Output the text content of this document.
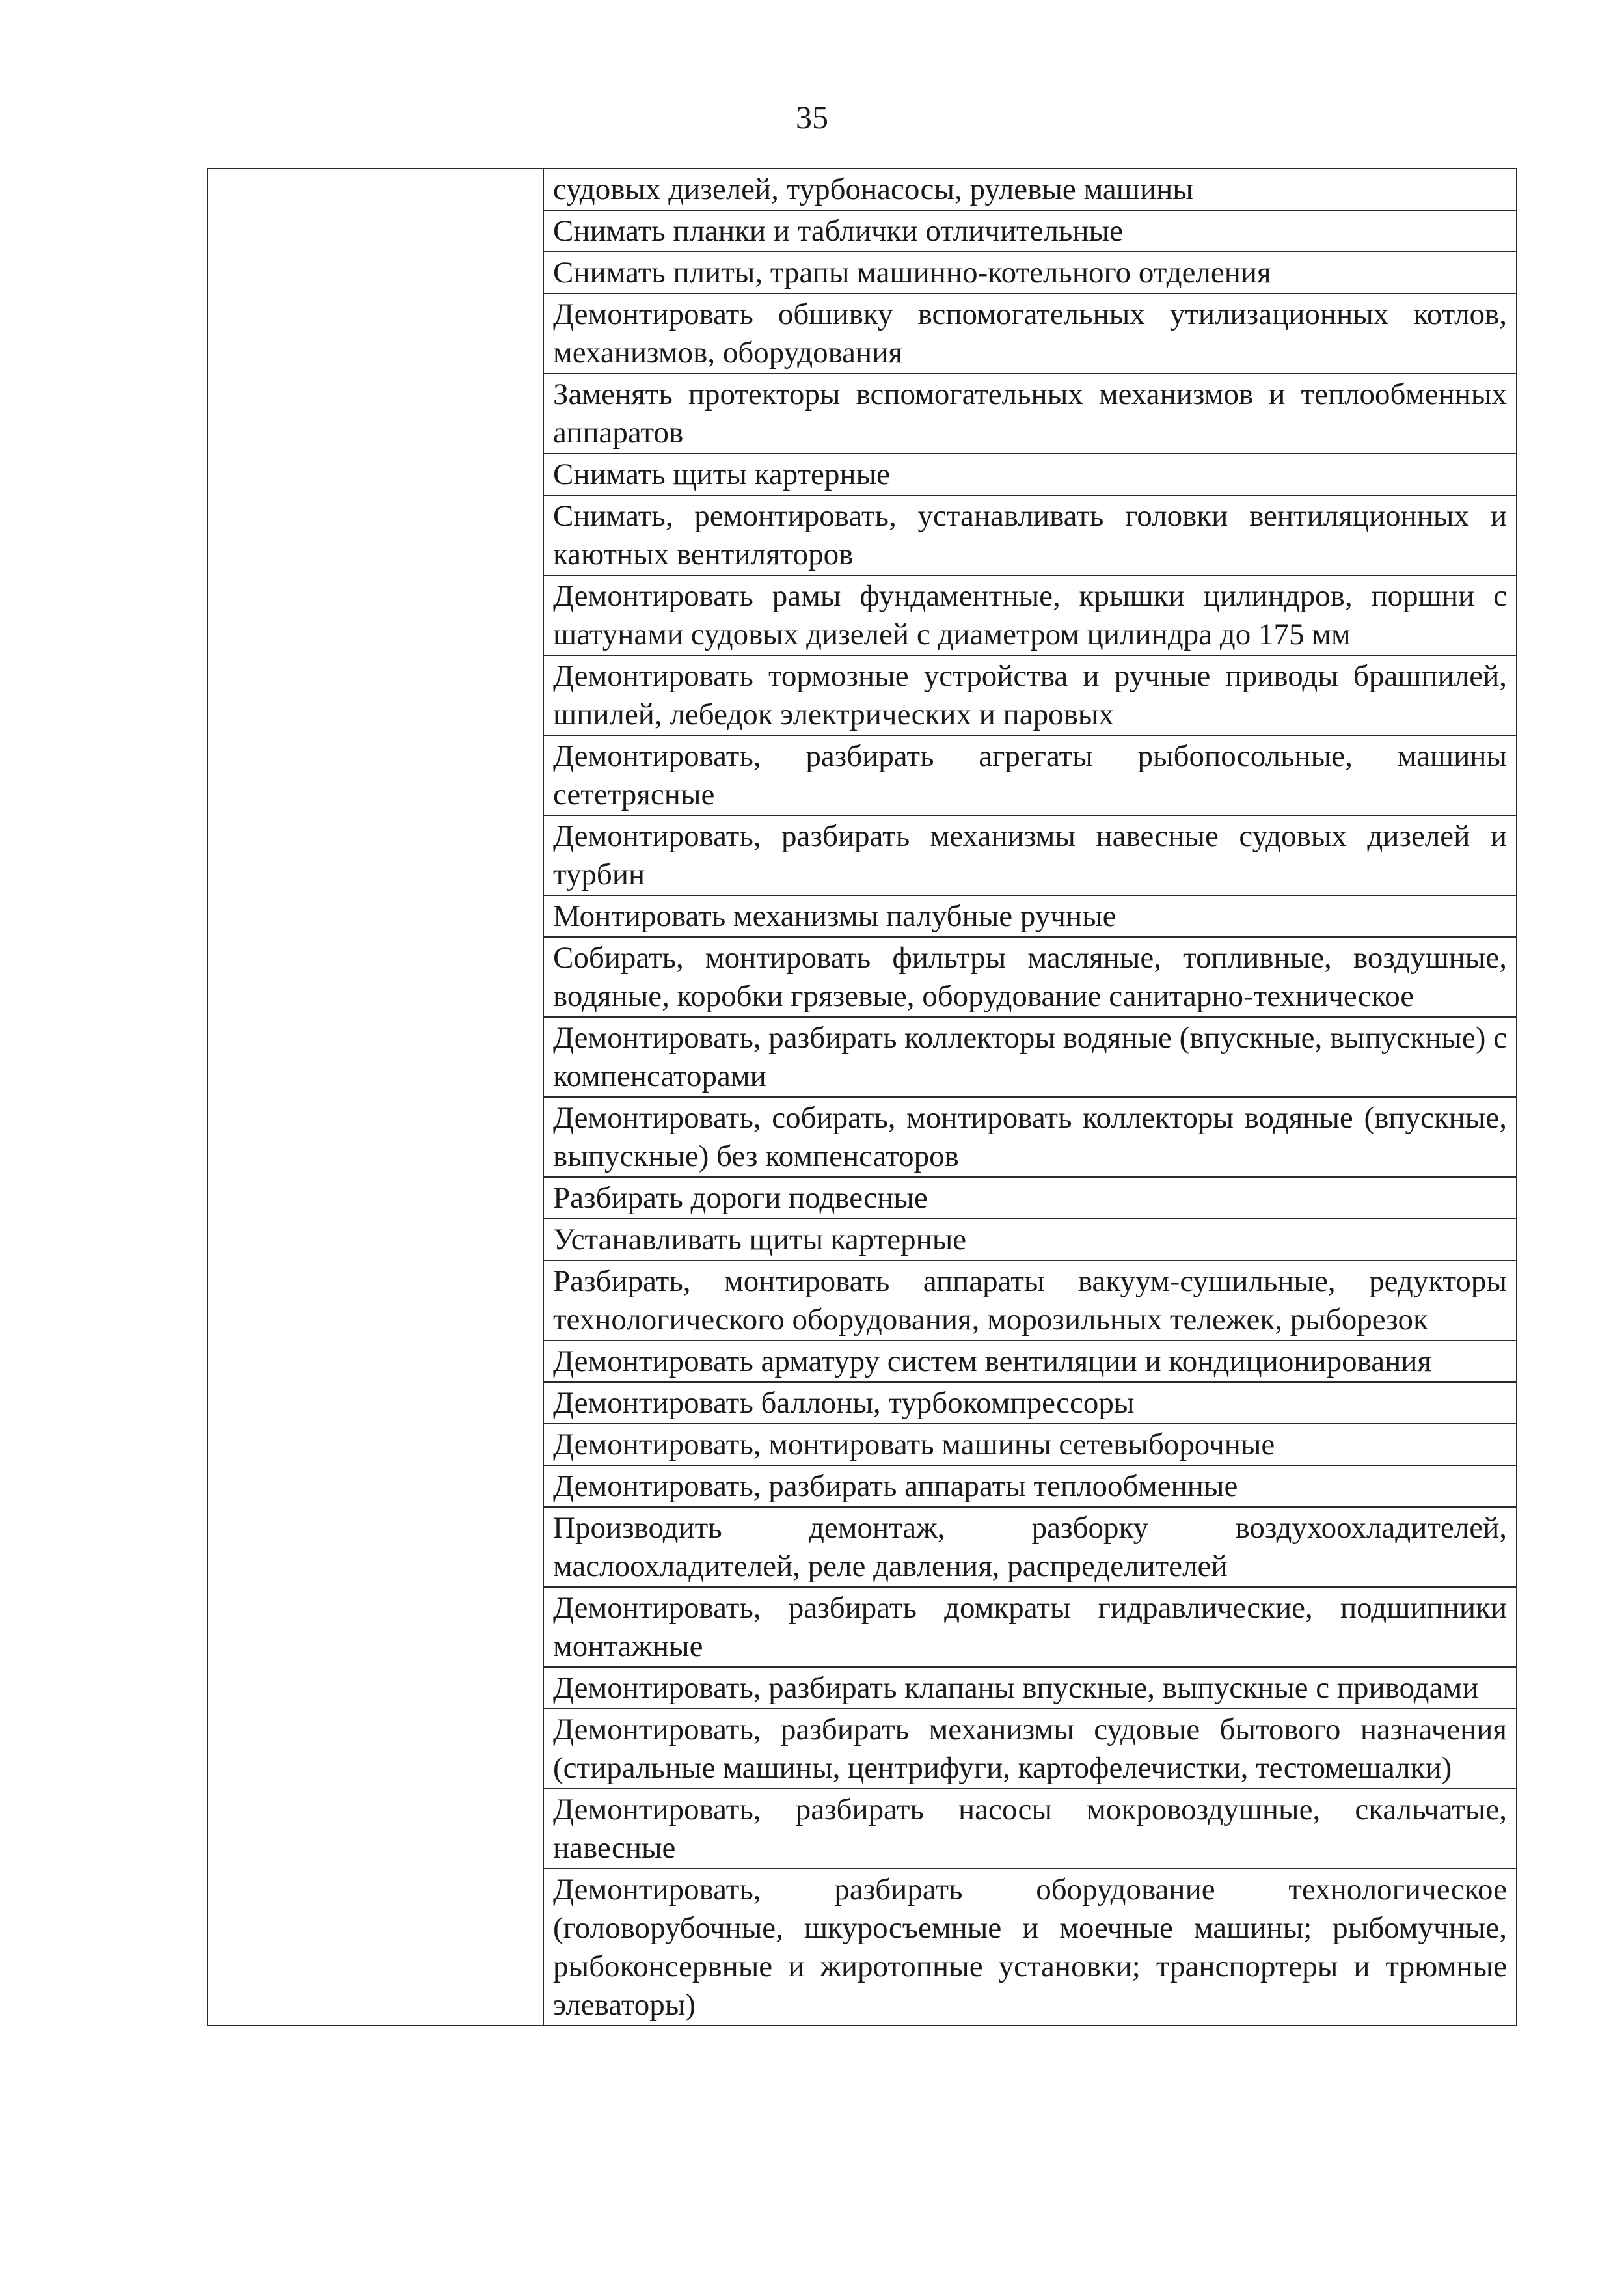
35

судовых дизелей, турбонасосы, рулевые машины

Снимать планки и таблички отличительные

Снимать плиты, трапы машинно-котельного отделения

Демонтировать обшивку вспомогательных утилизационных котлов, механизмов, оборудования

Заменять протекторы вспомогательных механизмов и теплообменных аппаратов

Снимать щиты картерные

Снимать, ремонтировать, устанавливать головки вентиляционных и каютных вентиляторов

Демонтировать рамы фундаментные, крышки цилиндров, поршни с шатунами судовых дизелей с диаметром цилиндра до 175 мм

Демонтировать тормозные устройства и ручные приводы брашпилей, шпилей, лебедок электрических и паровых

Демонтировать, разбирать агрегаты рыбопосольные, машины сететрясные

Демонтировать, разбирать механизмы навесные судовых дизелей и турбин

Монтировать механизмы палубные ручные

Собирать, монтировать фильтры масляные, топливные, воздушные, водяные, коробки грязевые, оборудование санитарно-техническое

Демонтировать, разбирать коллекторы водяные (впускные, выпускные) с компенсаторами

Демонтировать, собирать, монтировать коллекторы водяные (впускные, выпускные) без компенсаторов

Разбирать дороги подвесные

Устанавливать щиты картерные

Разбирать, монтировать аппараты вакуум-сушильные, редукторы технологического оборудования, морозильных тележек, рыборезок

Демонтировать арматуру систем вентиляции и кондиционирования

Демонтировать баллоны, турбокомпрессоры

Демонтировать, монтировать машины сетевыборочные

Демонтировать, разбирать аппараты теплообменные

Производить демонтаж, разборку воздухоохладителей, маслоохладителей, реле давления, распределителей

Демонтировать, разбирать домкраты гидравлические, подшипники монтажные

Демонтировать, разбирать клапаны впускные, выпускные с приводами

Демонтировать, разбирать механизмы судовые бытового назначения (стиральные машины, центрифуги, картофелечистки, тестомешалки)

Демонтировать, разбирать насосы мокровоздушные, скальчатые, навесные

Демонтировать, разбирать оборудование технологическое (головорубочные, шкуросъемные и моечные машины; рыбомучные, рыбоконсервные и жиротопные установки; транспортеры и трюмные элеваторы)
